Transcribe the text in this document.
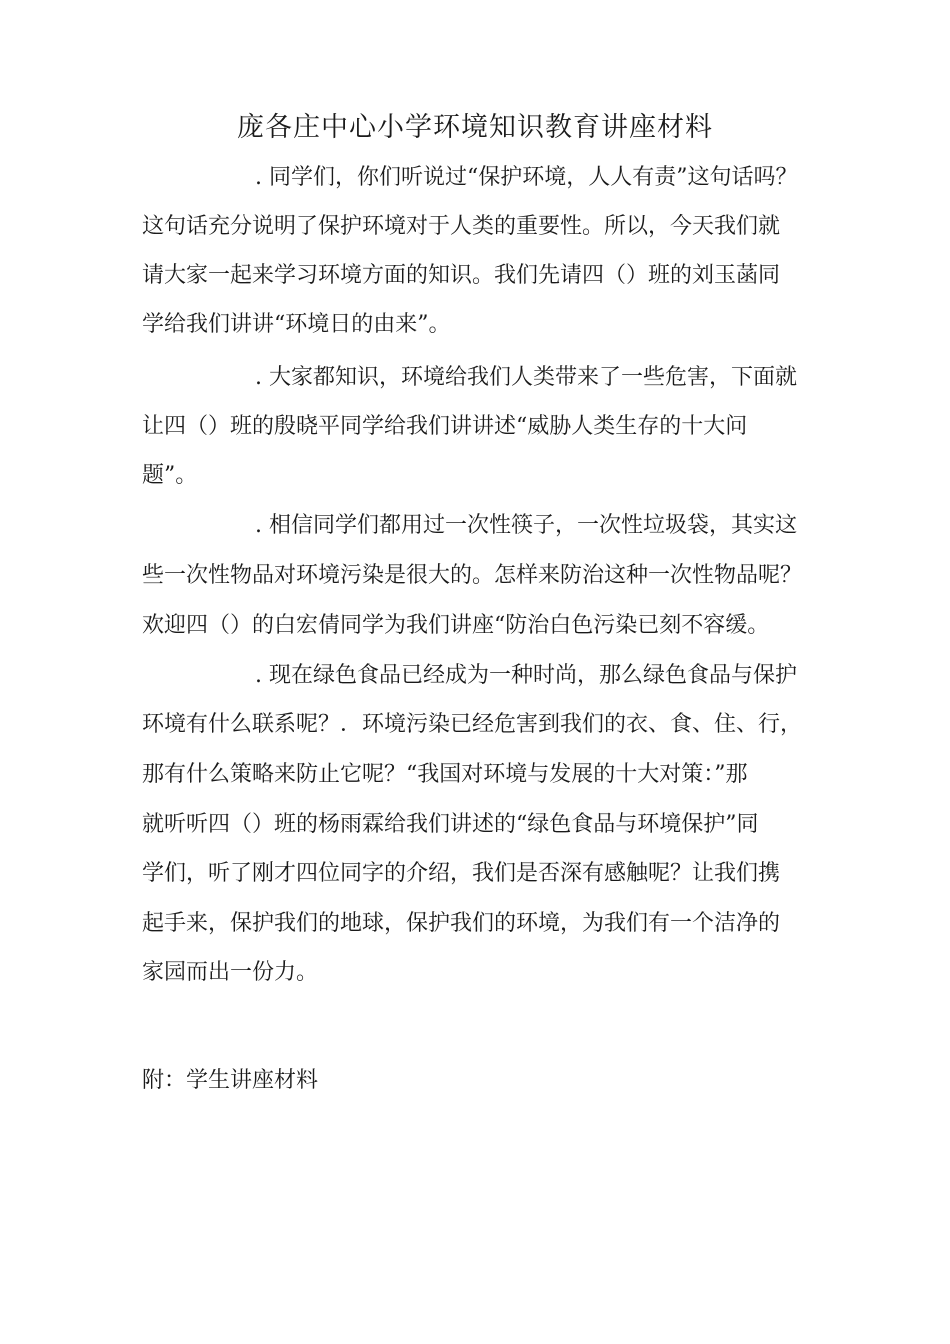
庞各庄中心小学环境知识教育讲座材料
. 同学们，你们听说过“保护环境，人人有责”这句话吗？
这句话充分说明了保护环境对于人类的重要性。所以，今天我们就
请大家一起来学习环境方面的知识。我们先请四（）班的刘玉菡同
学给我们讲讲“环境日的由来”。
. 大家都知识，环境给我们人类带来了一些危害，下面就
让四（）班的殷晓平同学给我们讲讲述“威胁人类生存的十大问
题”。
. 相信同学们都用过一次性筷子，一次性垃圾袋，其实这
些一次性物品对环境污染是很大的。怎样来防治这种一次性物品呢？
欢迎四（）的白宏倩同学为我们讲座“防治白色污染已刻不容缓。
. 现在绿色食品已经成为一种时尚，那么绿色食品与保护
环境有什么联系呢？．环境污染已经危害到我们的衣、食、住、行，
那有什么策略来防止它呢？“我国对环境与发展的十大对策：”那
就听听四（）班的杨雨霖给我们讲述的“绿色食品与环境保护”同
学们，听了刚才四位同字的介绍，我们是否深有感触呢？让我们携
起手来，保护我们的地球，保护我们的环境，为我们有一个洁净的
家园而出一份力。
附：学生讲座材料
